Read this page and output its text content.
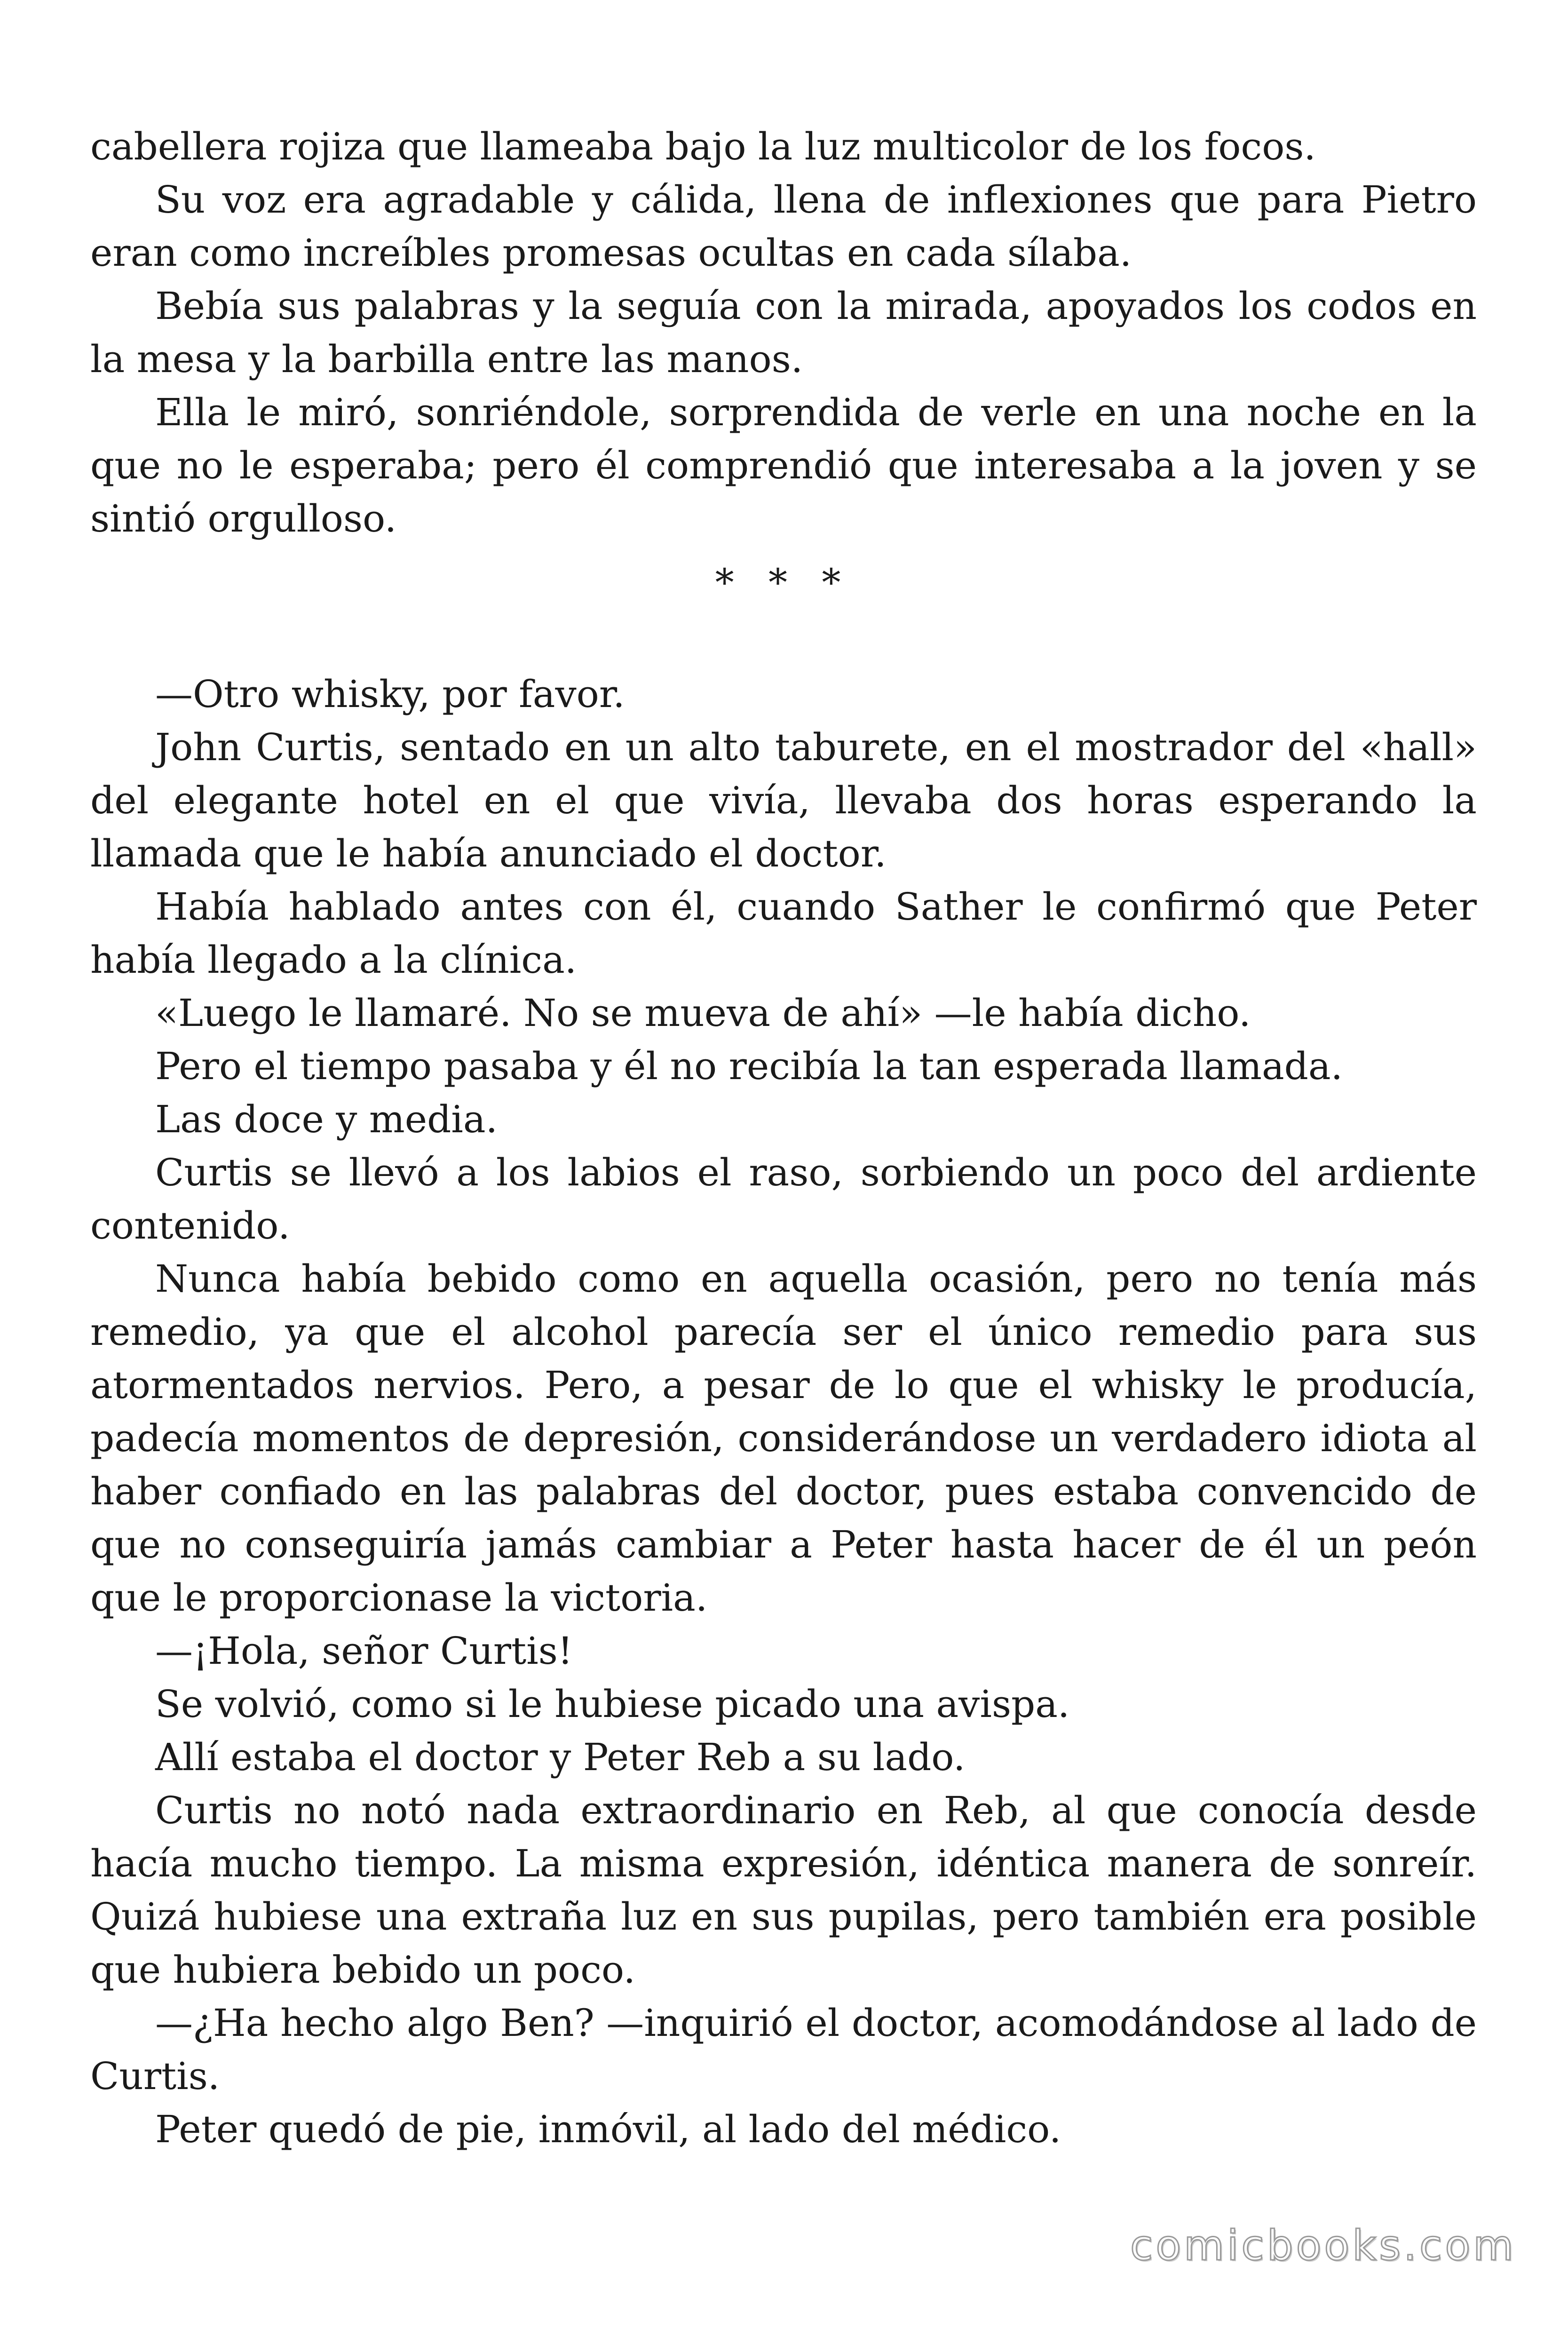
cabellera rojiza que llameaba bajo la luz multicolor de los focos.

Su voz era agradable y cálida, llena de inflexiones que para Pietro eran como increíbles promesas ocultas en cada sílaba.

Bebía sus palabras y la seguía con la mirada, apoyados los codos en la mesa y la barbilla entre las manos.

Ella le miró, sonriéndole, sorprendida de verle en una noche en la que no le esperaba; pero él comprendió que interesaba a la joven y se sintió orgulloso.

* * *

—Otro whisky, por favor.

John Curtis, sentado en un alto taburete, en el mostrador del «hall» del elegante hotel en el que vivía, llevaba dos horas esperando la llamada que le había anunciado el doctor.

Había hablado antes con él, cuando Sather le confirmó que Peter había llegado a la clínica.

«Luego le llamaré. No se mueva de ahí» —le había dicho.

Pero el tiempo pasaba y él no recibía la tan esperada llamada.

Las doce y media.

Curtis se llevó a los labios el raso, sorbiendo un poco del ardiente contenido.

Nunca había bebido como en aquella ocasión, pero no tenía más remedio, ya que el alcohol parecía ser el único remedio para sus atormentados nervios. Pero, a pesar de lo que el whisky le producía, padecía momentos de depresión, considerándose un verdadero idiota al haber confiado en las palabras del doctor, pues estaba convencido de que no conseguiría jamás cambiar a Peter hasta hacer de él un peón que le proporcionase la victoria.

—¡Hola, señor Curtis!

Se volvió, como si le hubiese picado una avispa.

Allí estaba el doctor y Peter Reb a su lado.

Curtis no notó nada extraordinario en Reb, al que conocía desde hacía mucho tiempo. La misma expresión, idéntica manera de sonreír. Quizá hubiese una extraña luz en sus pupilas, pero también era posible que hubiera bebido un poco.

—¿Ha hecho algo Ben? —inquirió el doctor, acomodándose al lado de Curtis.

Peter quedó de pie, inmóvil, al lado del médico.

comicbooks.com
